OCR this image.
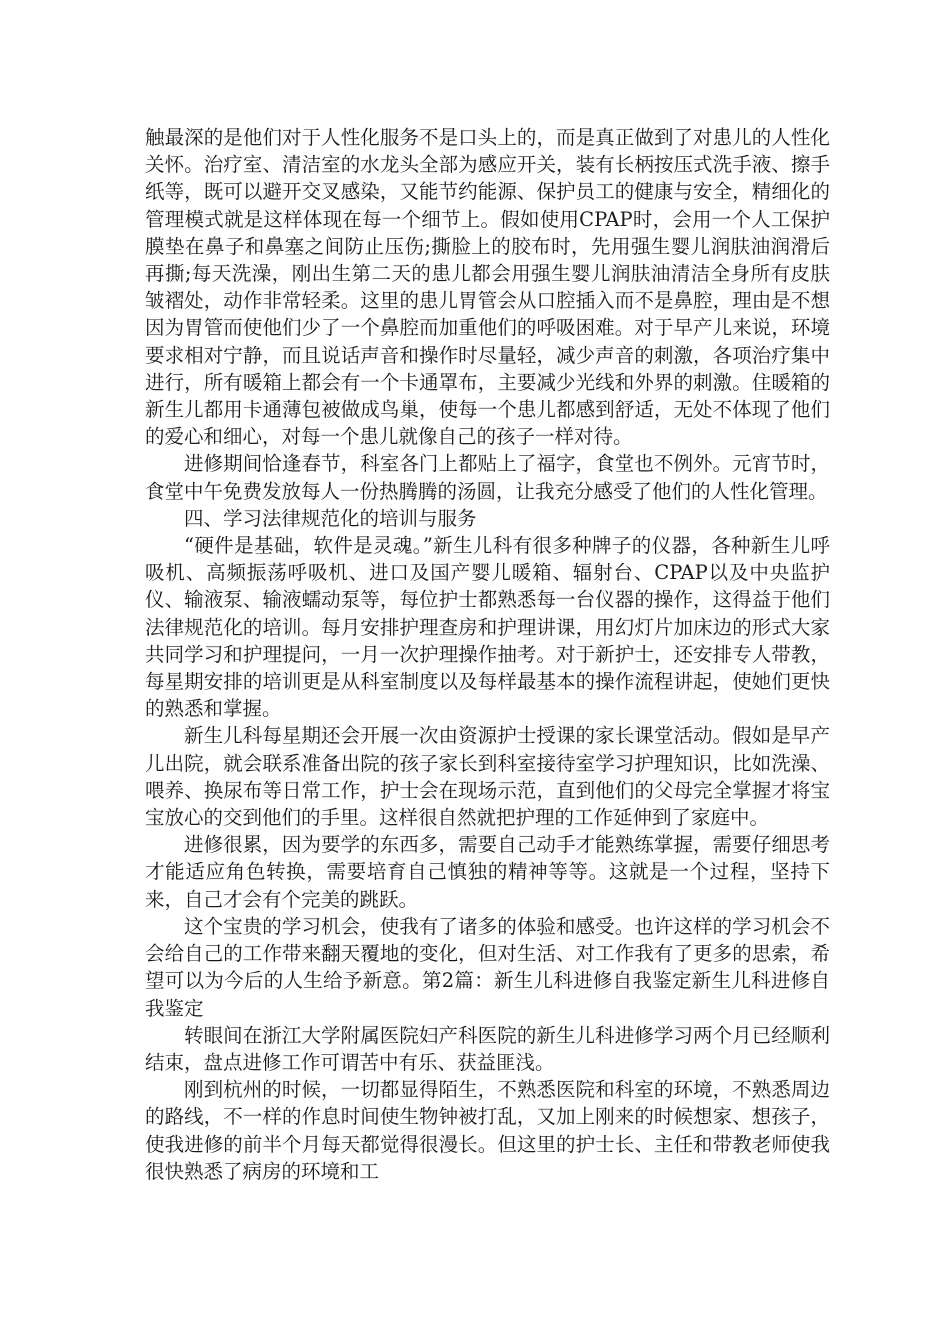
触最深的是他们对于人性化服务不是口头上的，而是真正做到了对患儿的人性化关怀。治疗室、清洁室的水龙头全部为感应开关，装有长柄按压式洗手液、擦手纸等，既可以避开交叉感染，又能节约能源、保护员工的健康与安全，精细化的管理模式就是这样体现在每一个细节上。假如使用CPAP时，会用一个人工保护膜垫在鼻子和鼻塞之间防止压伤;撕脸上的胶布时，先用强生婴儿润肤油润滑后再撕;每天洗澡，刚出生第二天的患儿都会用强生婴儿润肤油清洁全身所有皮肤皱褶处，动作非常轻柔。这里的患儿胃管会从口腔插入而不是鼻腔，理由是不想因为胃管而使他们少了一个鼻腔而加重他们的呼吸困难。对于早产儿来说，环境要求相对宁静，而且说话声音和操作时尽量轻，减少声音的刺激，各项治疗集中进行，所有暖箱上都会有一个卡通罩布，主要减少光线和外界的刺激。住暖箱的新生儿都用卡通薄包被做成鸟巢，使每一个患儿都感到舒适，无处不体现了他们的爱心和细心，对每一个患儿就像自己的孩子一样对待。

进修期间恰逢春节，科室各门上都贴上了福字，食堂也不例外。元宵节时，食堂中午免费发放每人一份热腾腾的汤圆，让我充分感受了他们的人性化管理。

四、学习法律规范化的培训与服务

“硬件是基础，软件是灵魂。”新生儿科有很多种牌子的仪器，各种新生儿呼吸机、高频振荡呼吸机、进口及国产婴儿暖箱、辐射台、CPAP以及中央监护仪、输液泵、输液蠕动泵等，每位护士都熟悉每一台仪器的操作，这得益于他们法律规范化的培训。每月安排护理查房和护理讲课，用幻灯片加床边的形式大家共同学习和护理提问，一月一次护理操作抽考。对于新护士，还安排专人带教，每星期安排的培训更是从科室制度以及每样最基本的操作流程讲起，使她们更快的熟悉和掌握。

新生儿科每星期还会开展一次由资源护士授课的家长课堂活动。假如是早产儿出院，就会联系准备出院的孩子家长到科室接待室学习护理知识，比如洗澡、喂养、换尿布等日常工作，护士会在现场示范，直到他们的父母完全掌握才将宝宝放心的交到他们的手里。这样很自然就把护理的工作延伸到了家庭中。

进修很累，因为要学的东西多，需要自己动手才能熟练掌握，需要仔细思考才能适应角色转换，需要培育自己慎独的精神等等。这就是一个过程，坚持下来，自己才会有个完美的跳跃。

这个宝贵的学习机会，使我有了诸多的体验和感受。也许这样的学习机会不会给自己的工作带来翻天覆地的变化，但对生活、对工作我有了更多的思索，希望可以为今后的人生给予新意。第2篇：新生儿科进修自我鉴定新生儿科进修自我鉴定

转眼间在浙江大学附属医院妇产科医院的新生儿科进修学习两个月已经顺利结束，盘点进修工作可谓苦中有乐、获益匪浅。

刚到杭州的时候，一切都显得陌生，不熟悉医院和科室的环境，不熟悉周边的路线，不一样的作息时间使生物钟被打乱，又加上刚来的时候想家、想孩子，使我进修的前半个月每天都觉得很漫长。但这里的护士长、主任和带教老师使我很快熟悉了病房的环境和工
